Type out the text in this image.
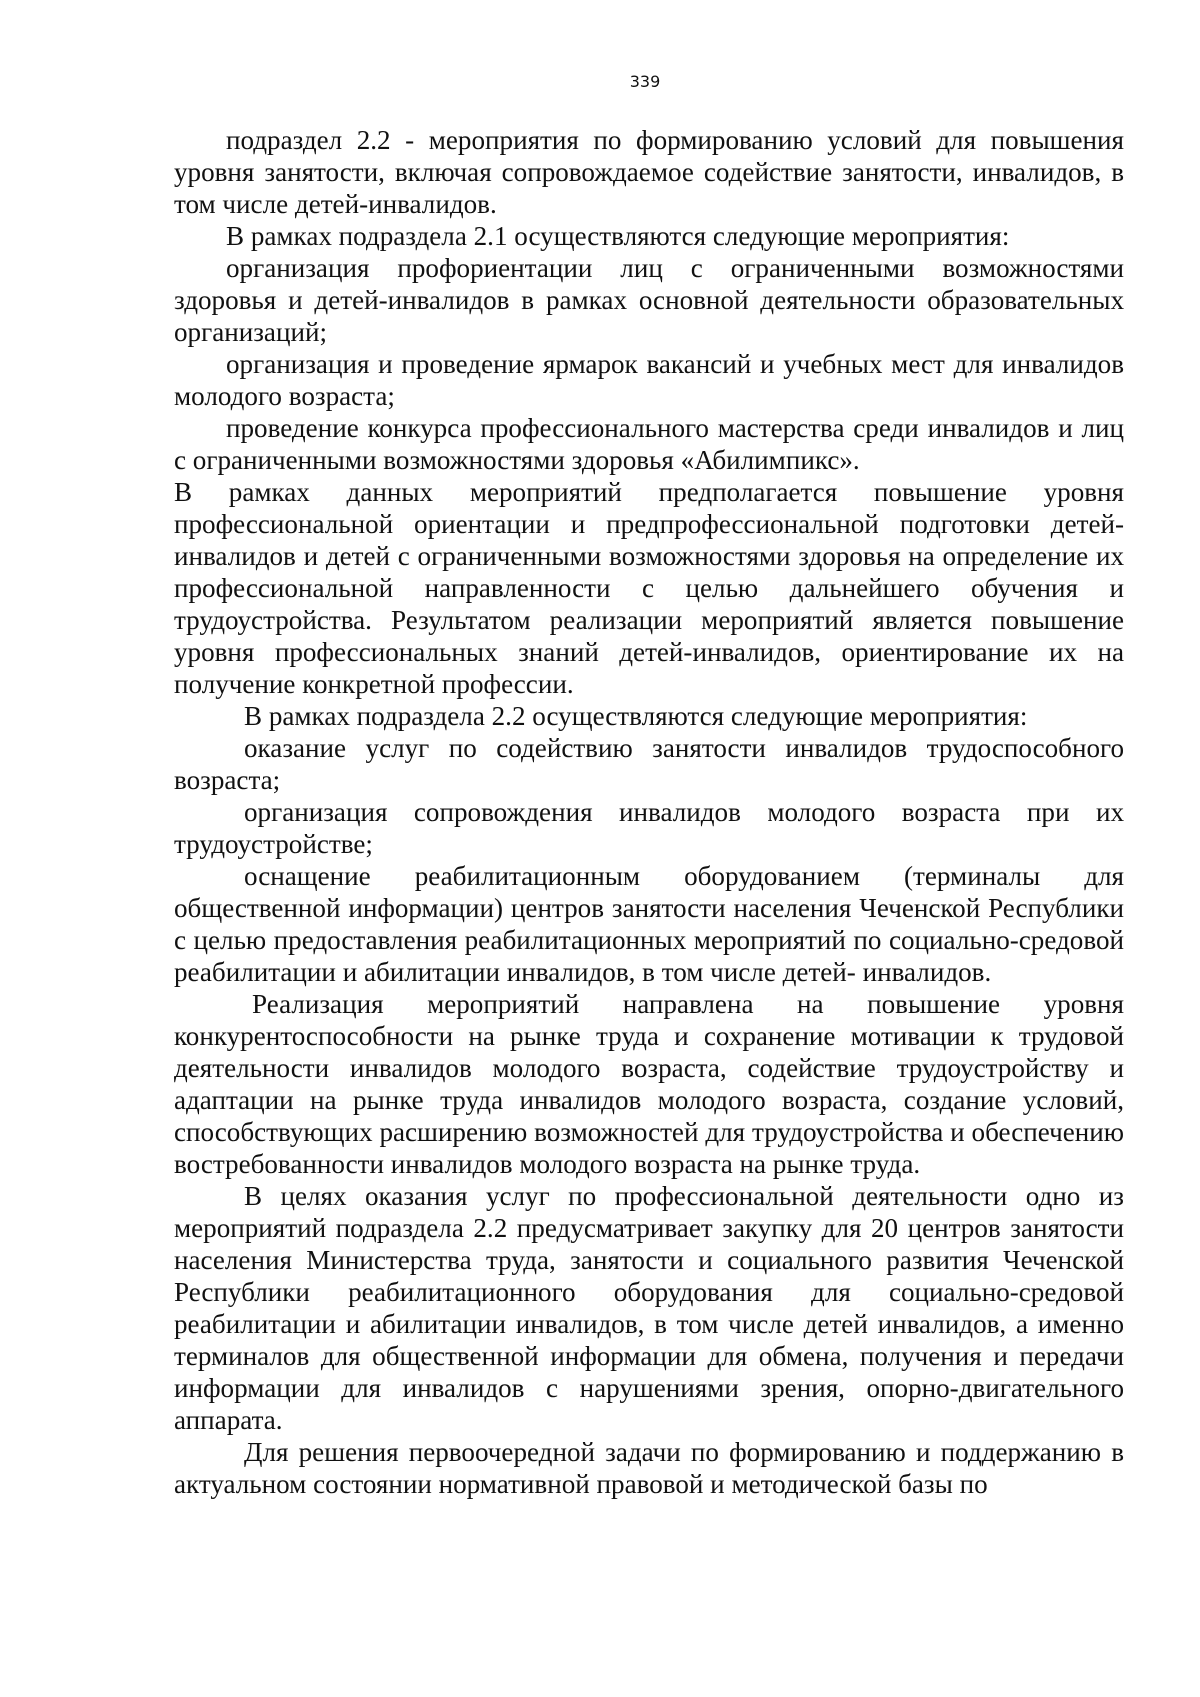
339

подраздел 2.2 - мероприятия по формированию условий для повышения уровня занятости, включая сопровождаемое содействие занятости, инвалидов, в том числе детей-инвалидов.

В рамках подраздела 2.1 осуществляются следующие мероприятия:

организация профориентации лиц с ограниченными возможностями здоровья и детей-инвалидов в рамках основной деятельности образовательных организаций;

организация и проведение ярмарок вакансий и учебных мест для инвалидов молодого возраста;

проведение конкурса профессионального мастерства среди инвалидов и лиц с ограниченными возможностями здоровья «Абилимпикс».

В рамках данных мероприятий предполагается повышение уровня профессиональной ориентации и предпрофессиональной подготовки детей-инвалидов и детей с ограниченными возможностями здоровья на определение их профессиональной направленности с целью дальнейшего обучения и трудоустройства. Результатом реализации мероприятий является повышение уровня профессиональных знаний детей-инвалидов, ориентирование их на получение конкретной профессии.

В рамках подраздела 2.2 осуществляются следующие мероприятия:

оказание услуг по содействию занятости инвалидов трудоспособного возраста;

организация сопровождения инвалидов молодого возраста при их трудоустройстве;

оснащение реабилитационным оборудованием (терминалы для общественной информации) центров занятости населения Чеченской Республики с целью предоставления реабилитационных мероприятий по социально-средовой реабилитации и абилитации инвалидов, в том числе детей- инвалидов.

Реализация мероприятий направлена на повышение уровня конкурентоспособности на рынке труда и сохранение мотивации к трудовой деятельности инвалидов молодого возраста, содействие трудоустройству и адаптации на рынке труда инвалидов молодого возраста, создание условий, способствующих расширению возможностей для трудоустройства и обеспечению востребованности инвалидов молодого возраста на рынке труда.

В целях оказания услуг по профессиональной деятельности одно из мероприятий подраздела 2.2 предусматривает закупку для 20 центров занятости населения Министерства труда, занятости и социального развития Чеченской Республики реабилитационного оборудования для социально-средовой реабилитации и абилитации инвалидов, в том числе детей инвалидов, а именно терминалов для общественной информации для обмена, получения и передачи информации для инвалидов с нарушениями зрения, опорно-двигательного аппарата.

Для решения первоочередной задачи по формированию и поддержанию в актуальном состоянии нормативной правовой и методической базы по
